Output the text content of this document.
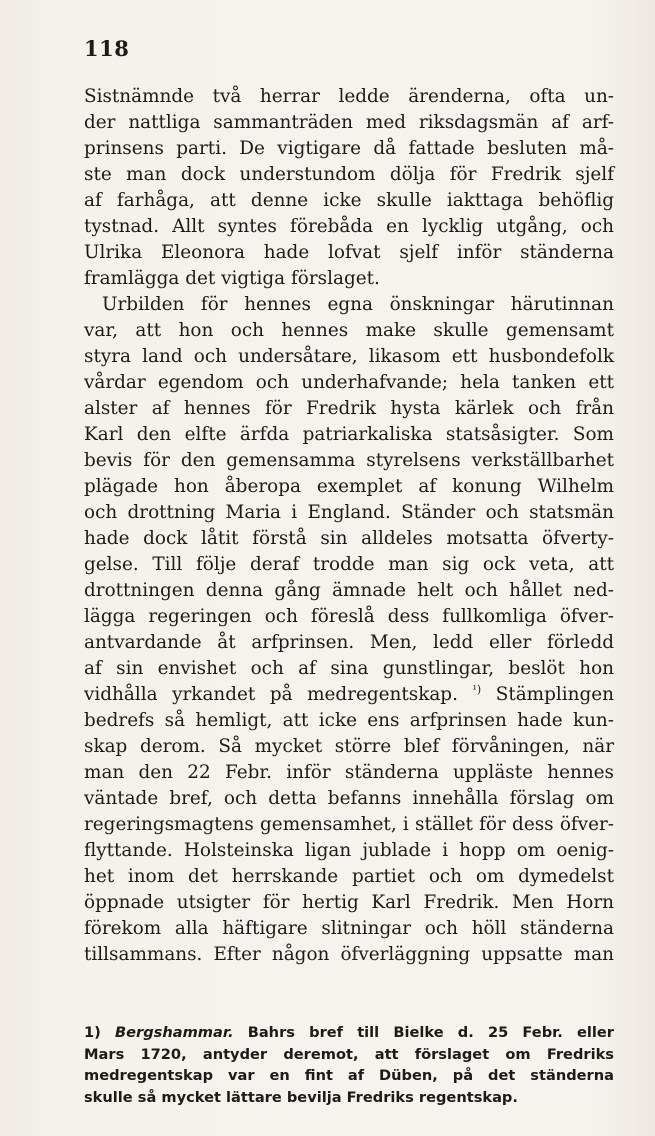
118
Sistnämnde två herrar ledde ärenderna, ofta un-
der nattliga sammanträden med riksdagsmän af arf-
prinsens parti. De vigtigare då fattade besluten må-
ste man dock understundom dölja för Fredrik sjelf
af farhåga, att denne icke skulle iakttaga behöflig
tystnad. Allt syntes förebåda en lycklig utgång, och
Ulrika Eleonora hade lofvat sjelf inför ständerna
framlägga det vigtiga förslaget.
Urbilden för hennes egna önskningar härutinnan
var, att hon och hennes make skulle gemensamt
styra land och undersåtare, likasom ett husbondefolk
vårdar egendom och underhafvande; hela tanken ett
alster af hennes för Fredrik hysta kärlek och från
Karl den elfte ärfda patriarkaliska statsåsigter. Som
bevis för den gemensamma styrelsens verkställbarhet
plägade hon åberopa exemplet af konung Wilhelm
och drottning Maria i England. Ständer och statsmän
hade dock låtit förstå sin alldeles motsatta öfverty-
gelse. Till följe deraf trodde man sig ock veta, att
drottningen denna gång ämnade helt och hållet ned-
lägga regeringen och föreslå dess fullkomliga öfver-
antvardande åt arfprinsen. Men, ledd eller förledd
af sin envishet och af sina gunstlingar, beslöt hon
vidhålla yrkandet på medregentskap. $^{^1)}$ Stämplingen
bedrefs så hemligt, att icke ens arfprinsen hade kun-
skap derom. Så mycket större blef förvåningen, när
man den 22 Febr. inför ständerna uppläste hennes
väntade bref, och detta befanns innehålla förslag om
regeringsmagtens gemensamhet, i stället för dess öfver-
flyttande. Holsteinska ligan jublade i hopp om oenig-
het inom det herrskande partiet och om dymedelst
öppnade utsigter för hertig Karl Fredrik. Men Horn
förekom alla häftigare slitningar och höll ständerna
tillsammans. Efter någon öfverläggning uppsatte man
1) Bergshammar. Bahrs bref till Bielke d. 25 Febr. eller
Mars 1720, antyder deremot, att förslaget om Fredriks
medregentskap var en fint af Düben, på det ständerna
skulle så mycket lättare bevilja Fredriks regentskap.
